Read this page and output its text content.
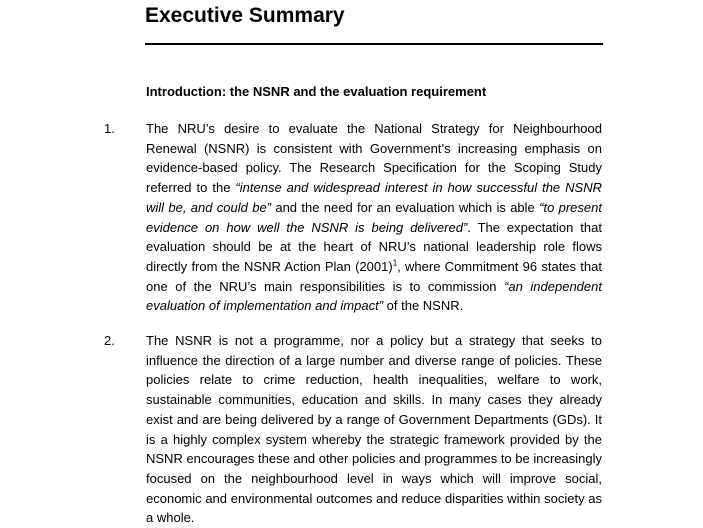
Executive Summary
Introduction: the NSNR and the evaluation requirement
1. The NRU’s desire to evaluate the National Strategy for Neighbourhood Renewal (NSNR) is consistent with Government’s increasing emphasis on evidence-based policy. The Research Specification for the Scoping Study referred to the “intense and widespread interest in how successful the NSNR will be, and could be” and the need for an evaluation which is able “to present evidence on how well the NSNR is being delivered”. The expectation that evaluation should be at the heart of NRU’s national leadership role flows directly from the NSNR Action Plan $(2001)^1$, where Commitment 96 states that one of the NRU’s main responsibilities is to commission “an independent evaluation of implementation and impact” of the NSNR.

2. The NSNR is not a programme, nor a policy but a strategy that seeks to influence the direction of a large number and diverse range of policies. These policies relate to crime reduction, health inequalities, welfare to work, sustainable communities, education and skills. In many cases they already exist and are being delivered by a range of Government Departments (GDs). It is a highly complex system whereby the strategic framework provided by the NSNR encourages these and other policies and programmes to be increasingly focused on the neighbourhood level in ways which will improve social, economic and environmental outcomes and reduce disparities within society as a whole.
